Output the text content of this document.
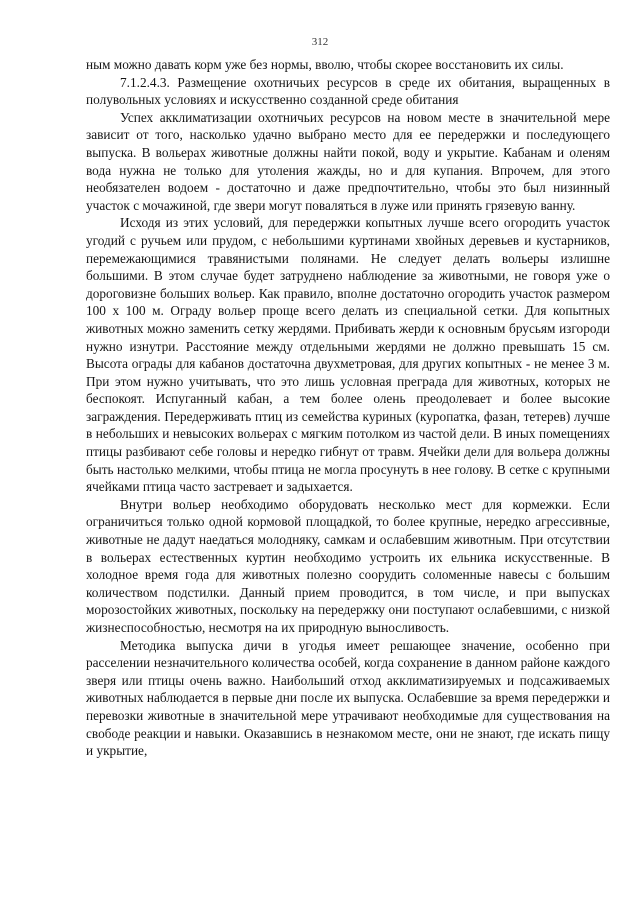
312

ным можно давать корм уже без нормы, вволю, чтобы скорее восстановить их силы.

7.1.2.4.3. Размещение охотничьих ресурсов в среде их обитания, выращенных в полувольных условиях и искусственно созданной среде обитания

Успех акклиматизации охотничьих ресурсов на новом месте в значительной мере зависит от того, насколько удачно выбрано место для ее передержки и последующего выпуска. В вольерах животные должны найти покой, воду и укрытие. Кабанам и оленям вода нужна не только для утоления жажды, но и для купания. Впрочем, для этого необязателен водоем - достаточно и даже предпочтительно, чтобы это был низинный участок с мочажиной, где звери могут поваляться в луже или принять грязевую ванну.

Исходя из этих условий, для передержки копытных лучше всего огородить участок угодий с ручьем или прудом, с небольшими куртинами хвойных деревьев и кустарников, перемежающимися травянистыми полянами. Не следует делать вольеры излишне большими. В этом случае будет затруднено наблюдение за животными, не говоря уже о дороговизне больших вольер. Как правило, вполне достаточно огородить участок размером 100 х 100 м. Ограду вольер проще всего делать из специальной сетки. Для копытных животных можно заменить сетку жердями. Прибивать жерди к основным брусьям изгороди нужно изнутри. Расстояние между отдельными жердями не должно превышать 15 см. Высота ограды для кабанов достаточна двухметровая, для других копытных - не менее 3 м. При этом нужно учитывать, что это лишь условная преграда для животных, которых не беспокоят. Испуганный кабан, а тем более олень преодолевает и более высокие заграждения. Передерживать птиц из семейства куриных (куропатка, фазан, тетерев) лучше в небольших и невысоких вольерах с мягким потолком из частой дели. В иных помещениях птицы разбивают себе головы и нередко гибнут от травм. Ячейки дели для вольера должны быть настолько мелкими, чтобы птица не могла просунуть в нее голову. В сетке с крупными ячейками птица часто застревает и задыхается.

Внутри вольер необходимо оборудовать несколько мест для кормежки. Если ограничиться только одной кормовой площадкой, то более крупные, нередко агрессивные, животные не дадут наедаться молодняку, самкам и ослабевшим животным. При отсутствии в вольерах естественных куртин необходимо устроить их ельника искусственные. В холодное время года для животных полезно соорудить соломенные навесы с большим количеством подстилки. Данный прием проводится, в том числе, и при выпусках морозостойких животных, поскольку на передержку они поступают ослабевшими, с низкой жизнеспособностью, несмотря на их природную выносливость.

Методика выпуска дичи в угодья имеет решающее значение, особенно при расселении незначительного количества особей, когда сохранение в данном районе каждого зверя или птицы очень важно. Наибольший отход акклиматизируемых и подсаживаемых животных наблюдается в первые дни после их выпуска. Ослабевшие за время передержки и перевозки животные в значительной мере утрачивают необходимые для существования на свободе реакции и навыки. Оказавшись в незнакомом месте, они не знают, где искать пищу и укрытие,
